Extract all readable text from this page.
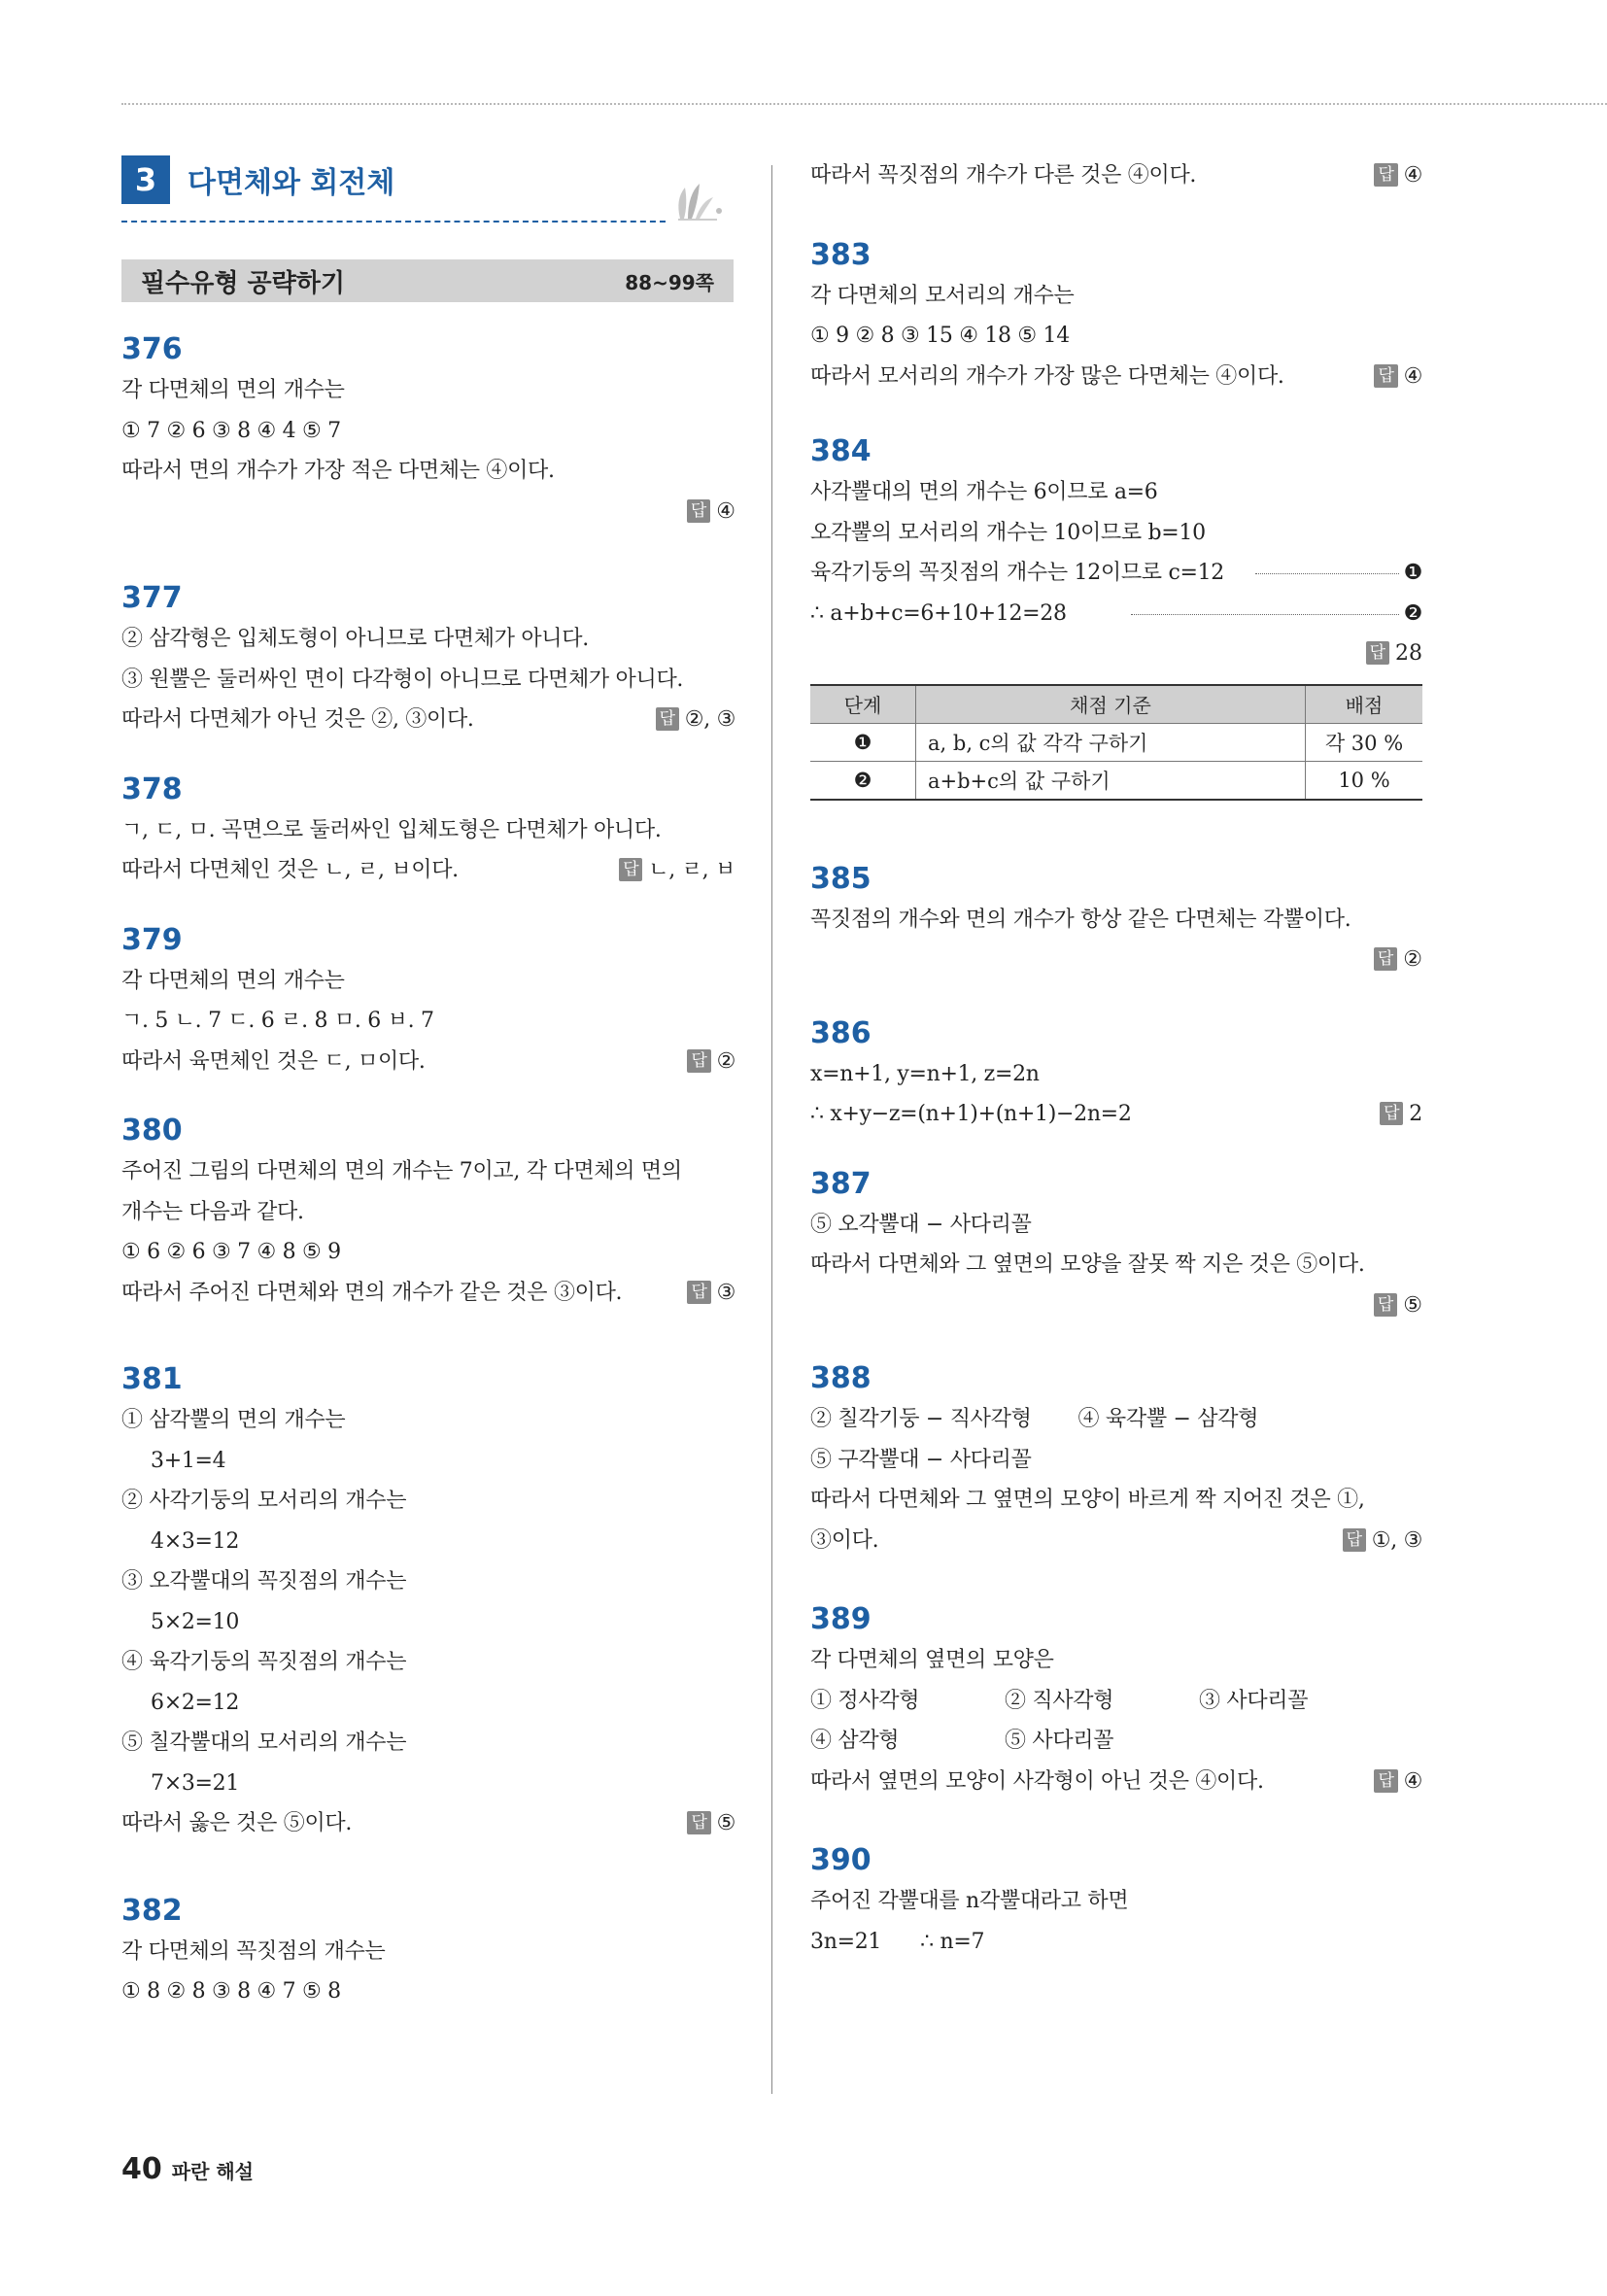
3	다면체와 회전체
필수유형 공략하기	88~99쪽
376
각 다면체의 면의 개수는
① 7 ② 6 ③ 8 ④ 4 ⑤ 7
따라서 면의 개수가 가장 적은 다면체는 ④이다.
답 ④
377
② 삼각형은 입체도형이 아니므로 다면체가 아니다.
③ 원뿔은 둘러싸인 면이 다각형이 아니므로 다면체가 아니다.
따라서 다면체가 아닌 것은 ②, ③이다.	답 ②, ③
378
ㄱ, ㄷ, ㅁ. 곡면으로 둘러싸인 입체도형은 다면체가 아니다.
따라서 다면체인 것은 ㄴ, ㄹ, ㅂ이다.	답 ㄴ, ㄹ, ㅂ
379
각 다면체의 면의 개수는
ㄱ. 5 ㄴ. 7 ㄷ. 6 ㄹ. 8 ㅁ. 6 ㅂ. 7
따라서 육면체인 것은 ㄷ, ㅁ이다.	답 ②
380
주어진 그림의 다면체의 면의 개수는 7이고, 각 다면체의 면의
개수는 다음과 같다.
① 6 ② 6 ③ 7 ④ 8 ⑤ 9
따라서 주어진 다면체와 면의 개수가 같은 것은 ③이다.	답 ③
381
① 삼각뿔의 면의 개수는
3+1=4
② 사각기둥의 모서리의 개수는
4×3=12
③ 오각뿔대의 꼭짓점의 개수는
5×2=10
④ 육각기둥의 꼭짓점의 개수는
6×2=12
⑤ 칠각뿔대의 모서리의 개수는
7×3=21
따라서 옳은 것은 ⑤이다.	답 ⑤
382
각 다면체의 꼭짓점의 개수는
① 8 ② 8 ③ 8 ④ 7 ⑤ 8
따라서 꼭짓점의 개수가 다른 것은 ④이다.	답 ④
383
각 다면체의 모서리의 개수는
① 9 ② 8 ③ 15 ④ 18 ⑤ 14
따라서 모서리의 개수가 가장 많은 다면체는 ④이다.	답 ④
384
사각뿔대의 면의 개수는 6이므로 a=6
오각뿔의 모서리의 개수는 10이므로 b=10
육각기둥의 꼭짓점의 개수는 12이므로 c=12	❶
∴ a+b+c=6+10+12=28	❷
답 28
단계	채점 기준	배점
❶	a, b, c의 값 각각 구하기	각 30 %
❷	a+b+c의 값 구하기	10 %
385
꼭짓점의 개수와 면의 개수가 항상 같은 다면체는 각뿔이다.
답 ②
386
x=n+1, y=n+1, z=2n
∴ x+y−z=(n+1)+(n+1)−2n=2	답 2
387
⑤ 오각뿔대 − 사다리꼴
따라서 다면체와 그 옆면의 모양을 잘못 짝 지은 것은 ⑤이다.
답 ⑤
388
② 칠각기둥 − 직사각형 ④ 육각뿔 − 삼각형
⑤ 구각뿔대 − 사다리꼴
따라서 다면체와 그 옆면의 모양이 바르게 짝 지어진 것은 ①,
③이다.	답 ①, ③
389
각 다면체의 옆면의 모양은
① 정사각형	② 직사각형	③ 사다리꼴
④ 삼각형	⑤ 사다리꼴
따라서 옆면의 모양이 사각형이 아닌 것은 ④이다.	답 ④
390
주어진 각뿔대를 n각뿔대라고 하면
3n=21 ∴ n=7
40 파란 해설
